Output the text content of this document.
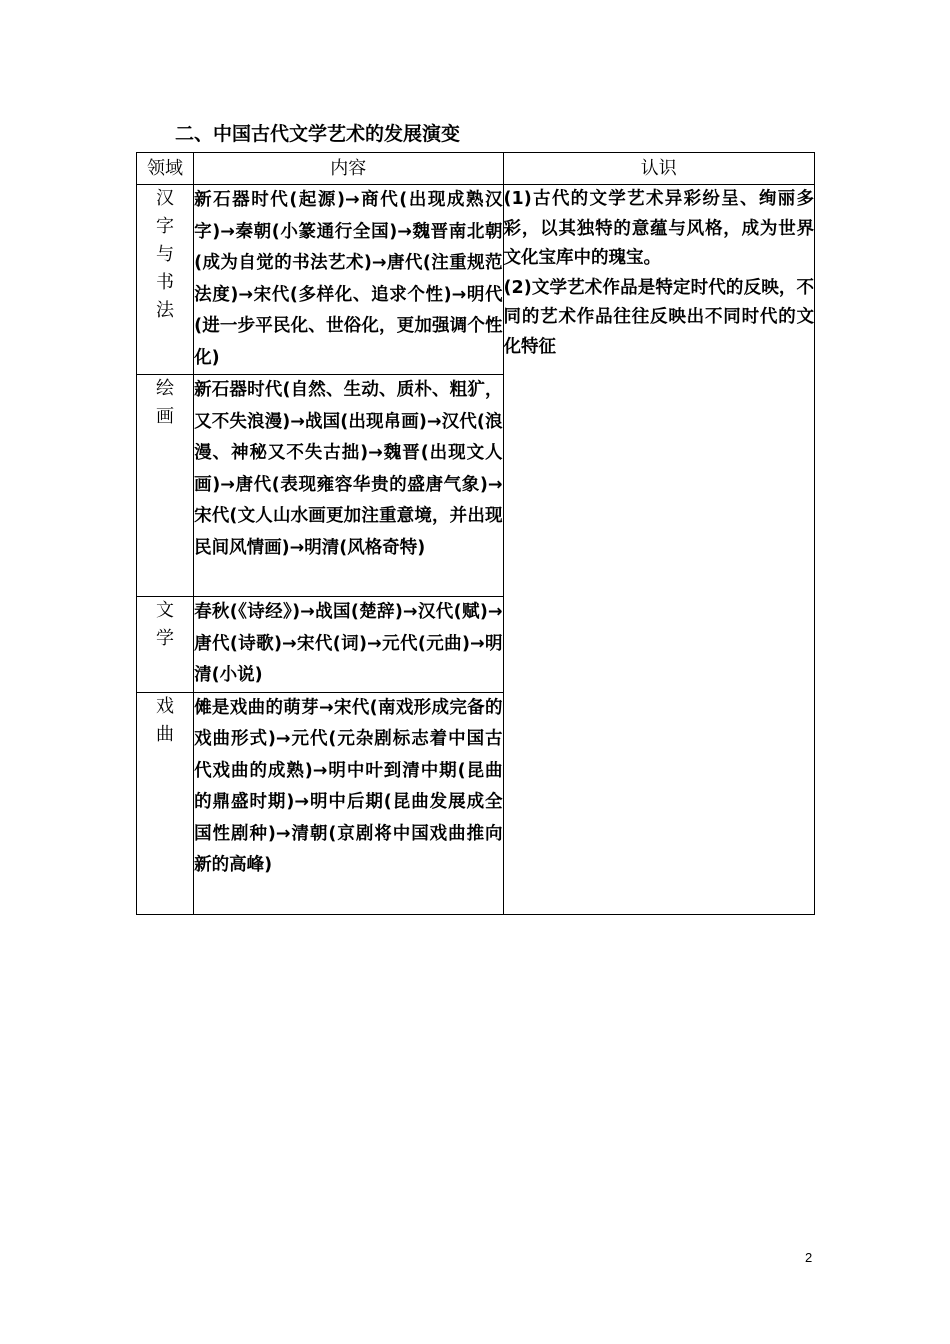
二、中国古代文学艺术的发展演变
领域	内容	认识

汉字与书法	新石器时代(起源)→商代(出现成熟汉字)→秦朝(小篆通行全国)→魏晋南北朝(成为自觉的书法艺术)→唐代(注重规范法度)→宋代(多样化、追求个性)→明代(进一步平民化、世俗化，更加强调个性化)	(1)古代的文学艺术异彩纷呈、绚丽多彩，以其独特的意蕴与风格，成为世界文化宝库中的瑰宝。

(2)文学艺术作品是特定时代的反映，不同的艺术作品往往反映出不同时代的文化特征

绘画	新石器时代(自然、生动、质朴、粗犷，又不失浪漫)→战国(出现帛画)→汉代(浪漫、神秘又不失古拙)→魏晋(出现文人画)→唐代(表现雍容华贵的盛唐气象)→宋代(文人山水画更加注重意境，并出现民间风情画)→明清(风格奇特)	

文学	春秋(《诗经》)→战国(楚辞)→汉代(赋)→唐代(诗歌)→宋代(词)→元代(元曲)→明清(小说)	

戏曲	傩是戏曲的萌芽→宋代(南戏形成完备的戏曲形式)→元代(元杂剧标志着中国古代戏曲的成熟)→明中叶到清中期(昆曲的鼎盛时期)→明中后期(昆曲发展成全国性剧种)→清朝(京剧将中国戏曲推向新的高峰)	
2
